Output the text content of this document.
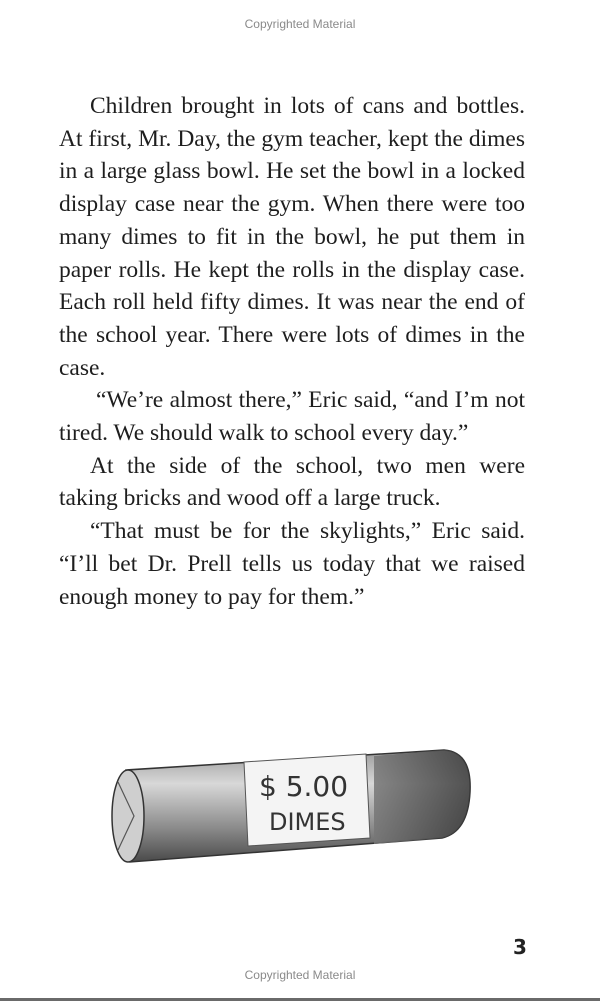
Copyrighted Material

Children brought in lots of cans and bottles. At first, Mr. Day, the gym teacher, kept the dimes in a large glass bowl. He set the bowl in a locked display case near the gym. When there were too many dimes to fit in the bowl, he put them in paper rolls. He kept the rolls in the display case. Each roll held fifty dimes. It was near the end of the school year. There were lots of dimes in the case.

“We’re almost there,” Eric said, “and I’m not tired. We should walk to school every day.”

At the side of the school, two men were taking bricks and wood off a large truck.

“That must be for the skylights,” Eric said. “I’ll bet Dr. Prell tells us today that we raised enough money to pay for them.”

$ 5.00
DIMES
3
Copyrighted Material
